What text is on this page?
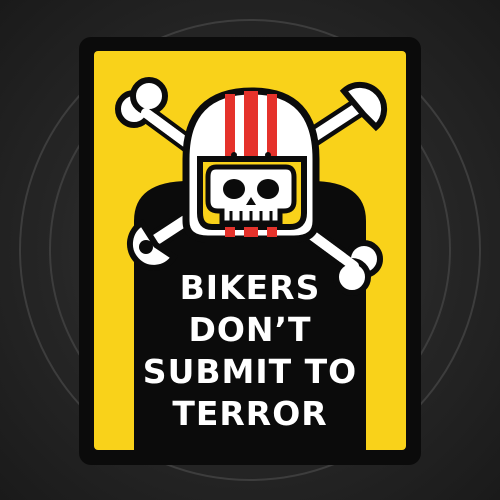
BIKERS
DON’T
SUBMIT TO
TERROR
